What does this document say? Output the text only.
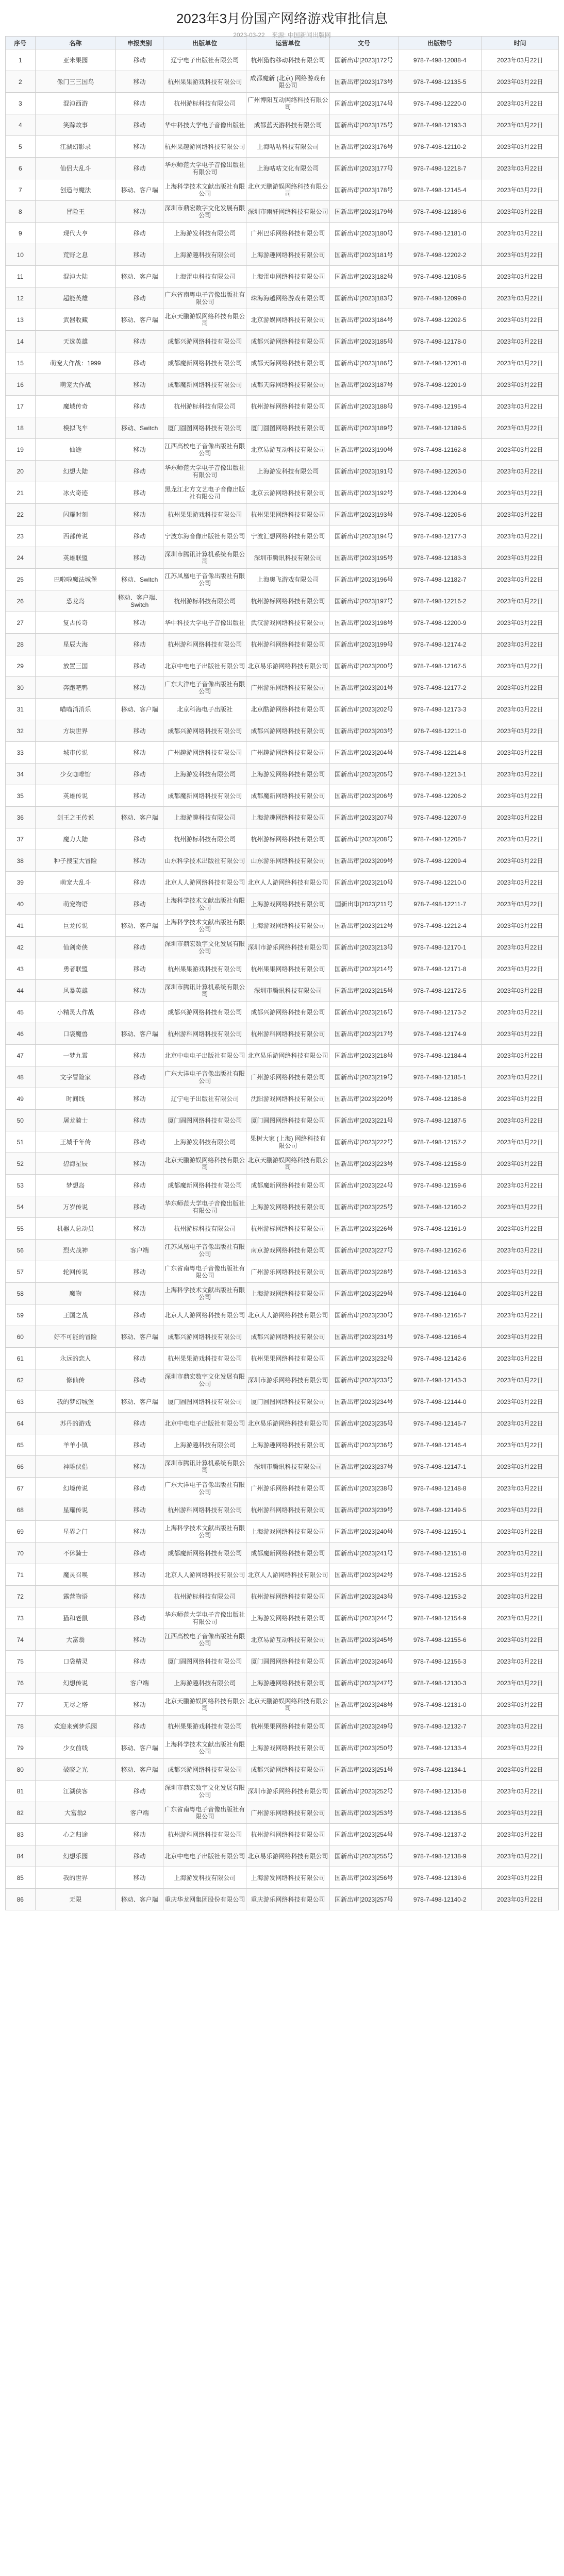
2023年3月份国产网络游戏审批信息
2023-03-22 来源: 中国新闻出版网
序号	名称	申报类别	出版单位	运营单位	文号	出版物号	时间
1	亚米果园	移动	辽宁电子出版社有限公司	杭州猎豹移动科技有限公司	国新出审[2023]172号	978-7-498-12088-4	2023年03月22日
2	像门三三国鸟	移动	杭州果果游戏科技有限公司	成都魔新 (北京) 网络游戏有限公司	国新出审[2023]173号	978-7-498-12135-5	2023年03月22日
3	混沌西游	移动	杭州游标科技有限公司	广州博阳互动网络科技有限公司	国新出审[2023]174号	978-7-498-12220-0	2023年03月22日
4	笑踪故事	移动	华中科技大学电子音像出版社	成都蓝天游科技有限公司	国新出审[2023]175号	978-7-498-12193-3	2023年03月22日
5	江湖幻影录	移动	杭州果趣游网络科技有限公司	上海咕咕科技有限公司	国新出审[2023]176号	978-7-498-12110-2	2023年03月22日
6	仙侣大乱斗	移动	华东师范大学电子音像出版社有限公司	上海咕咕文化有限公司	国新出审[2023]177号	978-7-498-12218-7	2023年03月22日
7	创造与魔法	移动、客户端	上海科学技术文献出版社有限公司	北京天鹏游娱网络科技有限公司	国新出审[2023]178号	978-7-498-12145-4	2023年03月22日
8	冒险王	移动	深圳市鼎宏数字文化发展有限公司	深圳市雨轩网络科技有限公司	国新出审[2023]179号	978-7-498-12189-6	2023年03月22日
9	现代大亨	移动	上海游发科技有限公司	广州巴乐网络科技有限公司	国新出审[2023]180号	978-7-498-12181-0	2023年03月22日
10	荒野之息	移动	上海游趣科技有限公司	上海游趣网络科技有限公司	国新出审[2023]181号	978-7-498-12202-2	2023年03月22日
11	混沌大陆	移动、客户端	上海雷电科技有限公司	上海雷电网络科技有限公司	国新出审[2023]182号	978-7-498-12108-5	2023年03月22日
12	超能英雄	移动	广东省南粤电子音像出版社有限公司	珠海海越网络游戏有限公司	国新出审[2023]183号	978-7-498-12099-0	2023年03月22日
13	武器收藏	移动、客户端	北京天鹏游娱网络科技有限公司	北京游娱网络科技有限公司	国新出审[2023]184号	978-7-498-12202-5	2023年03月22日
14	天选英雄	移动	成都兴游网络科技有限公司	成都兴游网络科技有限公司	国新出审[2023]185号	978-7-498-12178-0	2023年03月22日
15	萌宠大作战：1999	移动	成都魔新网络科技有限公司	成都天际网络科技有限公司	国新出审[2023]186号	978-7-498-12201-8	2023年03月22日
16	萌宠大作战	移动	成都魔新网络科技有限公司	成都天际网络科技有限公司	国新出审[2023]187号	978-7-498-12201-9	2023年03月22日
17	魔域传奇	移动	杭州游标科技有限公司	杭州游标网络科技有限公司	国新出审[2023]188号	978-7-498-12195-4	2023年03月22日
18	模拟飞车	移动、Switch	厦门圆图网络科技有限公司	厦门圆图网络科技有限公司	国新出审[2023]189号	978-7-498-12189-5	2023年03月22日
19	仙途	移动	江西高校电子音像出版社有限公司	北京易游互动科技有限公司	国新出审[2023]190号	978-7-498-12162-8	2023年03月22日
20	幻想大陆	移动	华东师范大学电子音像出版社有限公司	上海游发科技有限公司	国新出审[2023]191号	978-7-498-12203-0	2023年03月22日
21	冰火奇迹	移动	黑龙江北方文艺电子音像出版社有限公司	北京云游网络科技有限公司	国新出审[2023]192号	978-7-498-12204-9	2023年03月22日
22	闪耀时刻	移动	杭州果果游戏科技有限公司	杭州果果网络科技有限公司	国新出审[2023]193号	978-7-498-12205-6	2023年03月22日
23	西部传说	移动	宁波东海音像出版社有限公司	宁波汇想网络科技有限公司	国新出审[2023]194号	978-7-498-12177-3	2023年03月22日
24	英雄联盟	移动	深圳市腾讯计算机系统有限公司	深圳市腾讯科技有限公司	国新出审[2023]195号	978-7-498-12183-3	2023年03月22日
25	巴啦啦魔法城堡	移动、Switch	江苏凤凰电子音像出版社有限公司	上海奥飞游戏有限公司	国新出审[2023]196号	978-7-498-12182-7	2023年03月22日
26	恐龙岛	移动、客户端、Switch	杭州游标科技有限公司	杭州游标网络科技有限公司	国新出审[2023]197号	978-7-498-12216-2	2023年03月22日
27	复古传奇	移动	华中科技大学电子音像出版社	武汉游戏网络科技有限公司	国新出审[2023]198号	978-7-498-12200-9	2023年03月22日
28	星辰大海	移动	杭州游科网络科技有限公司	杭州游科网络科技有限公司	国新出审[2023]199号	978-7-498-12174-2	2023年03月22日
29	放置三国	移动	北京中电电子出版社有限公司	北京易乐游网络科技有限公司	国新出审[2023]200号	978-7-498-12167-5	2023年03月22日
30	奔跑吧鸭	移动	广东大洋电子音像出版社有限公司	广州游乐网络科技有限公司	国新出审[2023]201号	978-7-498-12177-2	2023年03月22日
31	喵喵消消乐	移动、客户端	北京科海电子出版社	北京酷游网络科技有限公司	国新出审[2023]202号	978-7-498-12173-3	2023年03月22日
32	方块世界	移动	成都兴游网络科技有限公司	成都兴游网络科技有限公司	国新出审[2023]203号	978-7-498-12211-0	2023年03月22日
33	城市传说	移动	广州趣游网络科技有限公司	广州趣游网络科技有限公司	国新出审[2023]204号	978-7-498-12214-8	2023年03月22日
34	少女咖啡馆	移动	上海游发科技有限公司	上海游发网络科技有限公司	国新出审[2023]205号	978-7-498-12213-1	2023年03月22日
35	英雄传说	移动	成都魔新网络科技有限公司	成都魔新网络科技有限公司	国新出审[2023]206号	978-7-498-12206-2	2023年03月22日
36	剑王之王传说	移动、客户端	上海游趣科技有限公司	上海游趣网络科技有限公司	国新出审[2023]207号	978-7-498-12207-9	2023年03月22日
37	魔力大陆	移动	杭州游标科技有限公司	杭州游标网络科技有限公司	国新出审[2023]208号	978-7-498-12208-7	2023年03月22日
38	种子搜宝大冒险	移动	山东科学技术出版社有限公司	山东游乐网络科技有限公司	国新出审[2023]209号	978-7-498-12209-4	2023年03月22日
39	萌宠大乱斗	移动	北京人人游网络科技有限公司	北京人人游网络科技有限公司	国新出审[2023]210号	978-7-498-12210-0	2023年03月22日
40	萌宠物语	移动	上海科学技术文献出版社有限公司	上海游戏网络科技有限公司	国新出审[2023]211号	978-7-498-12211-7	2023年03月22日
41	巨龙传说	移动、客户端	上海科学技术文献出版社有限公司	上海游戏网络科技有限公司	国新出审[2023]212号	978-7-498-12212-4	2023年03月22日
42	仙剑奇侠	移动	深圳市鼎宏数字文化发展有限公司	深圳市游乐网络科技有限公司	国新出审[2023]213号	978-7-498-12170-1	2023年03月22日
43	勇者联盟	移动	杭州果果游戏科技有限公司	杭州果果网络科技有限公司	国新出审[2023]214号	978-7-498-12171-8	2023年03月22日
44	风暴英雄	移动	深圳市腾讯计算机系统有限公司	深圳市腾讯科技有限公司	国新出审[2023]215号	978-7-498-12172-5	2023年03月22日
45	小精灵大作战	移动	成都兴游网络科技有限公司	成都兴游网络科技有限公司	国新出审[2023]216号	978-7-498-12173-2	2023年03月22日
46	口袋魔兽	移动、客户端	杭州游科网络科技有限公司	杭州游科网络科技有限公司	国新出审[2023]217号	978-7-498-12174-9	2023年03月22日
47	一梦九霄	移动	北京中电电子出版社有限公司	北京易乐游网络科技有限公司	国新出审[2023]218号	978-7-498-12184-4	2023年03月22日
48	文字冒险家	移动	广东大洋电子音像出版社有限公司	广州游乐网络科技有限公司	国新出审[2023]219号	978-7-498-12185-1	2023年03月22日
49	时间线	移动	辽宁电子出版社有限公司	沈阳游戏网络科技有限公司	国新出审[2023]220号	978-7-498-12186-8	2023年03月22日
50	屠龙骑士	移动	厦门圆图网络科技有限公司	厦门圆图网络科技有限公司	国新出审[2023]221号	978-7-498-12187-5	2023年03月22日
51	王城千年传	移动	上海游发科技有限公司	果树大家 (上海) 网络科技有限公司	国新出审[2023]222号	978-7-498-12157-2	2023年03月22日
52	碧海星辰	移动	北京天鹏游娱网络科技有限公司	北京天鹏游娱网络科技有限公司	国新出审[2023]223号	978-7-498-12158-9	2023年03月22日
53	梦想岛	移动	成都魔新网络科技有限公司	成都魔新网络科技有限公司	国新出审[2023]224号	978-7-498-12159-6	2023年03月22日
54	万岁传说	移动	华东师范大学电子音像出版社有限公司	上海游发网络科技有限公司	国新出审[2023]225号	978-7-498-12160-2	2023年03月22日
55	机器人总动员	移动	杭州游标科技有限公司	杭州游标网络科技有限公司	国新出审[2023]226号	978-7-498-12161-9	2023年03月22日
56	烈火战神	客户端	江苏凤凰电子音像出版社有限公司	南京游戏网络科技有限公司	国新出审[2023]227号	978-7-498-12162-6	2023年03月22日
57	轮回传说	移动	广东省南粤电子音像出版社有限公司	广州游乐网络科技有限公司	国新出审[2023]228号	978-7-498-12163-3	2023年03月22日
58	魔物	移动	上海科学技术文献出版社有限公司	上海游戏网络科技有限公司	国新出审[2023]229号	978-7-498-12164-0	2023年03月22日
59	王国之战	移动	北京人人游网络科技有限公司	北京人人游网络科技有限公司	国新出审[2023]230号	978-7-498-12165-7	2023年03月22日
60	好不可能的冒险	移动、客户端	成都兴游网络科技有限公司	成都兴游网络科技有限公司	国新出审[2023]231号	978-7-498-12166-4	2023年03月22日
61	永远的恋人	移动	杭州果果游戏科技有限公司	杭州果果网络科技有限公司	国新出审[2023]232号	978-7-498-12142-6	2023年03月22日
62	修仙传	移动	深圳市鼎宏数字文化发展有限公司	深圳市游乐网络科技有限公司	国新出审[2023]233号	978-7-498-12143-3	2023年03月22日
63	我的梦幻城堡	移动、客户端	厦门圆图网络科技有限公司	厦门圆图网络科技有限公司	国新出审[2023]234号	978-7-498-12144-0	2023年03月22日
64	苏丹的游戏	移动	北京中电电子出版社有限公司	北京易乐游网络科技有限公司	国新出审[2023]235号	978-7-498-12145-7	2023年03月22日
65	羊羊小镇	移动	上海游趣科技有限公司	上海游趣网络科技有限公司	国新出审[2023]236号	978-7-498-12146-4	2023年03月22日
66	神雕侠侣	移动	深圳市腾讯计算机系统有限公司	深圳市腾讯科技有限公司	国新出审[2023]237号	978-7-498-12147-1	2023年03月22日
67	幻境传说	移动	广东大洋电子音像出版社有限公司	广州游乐网络科技有限公司	国新出审[2023]238号	978-7-498-12148-8	2023年03月22日
68	星耀传说	移动	杭州游科网络科技有限公司	杭州游科网络科技有限公司	国新出审[2023]239号	978-7-498-12149-5	2023年03月22日
69	星界之门	移动	上海科学技术文献出版社有限公司	上海游戏网络科技有限公司	国新出审[2023]240号	978-7-498-12150-1	2023年03月22日
70	不休骑士	移动	成都魔新网络科技有限公司	成都魔新网络科技有限公司	国新出审[2023]241号	978-7-498-12151-8	2023年03月22日
71	魔灵召唤	移动	北京人人游网络科技有限公司	北京人人游网络科技有限公司	国新出审[2023]242号	978-7-498-12152-5	2023年03月22日
72	露营物语	移动	杭州游标科技有限公司	杭州游标网络科技有限公司	国新出审[2023]243号	978-7-498-12153-2	2023年03月22日
73	猫和老鼠	移动	华东师范大学电子音像出版社有限公司	上海游发网络科技有限公司	国新出审[2023]244号	978-7-498-12154-9	2023年03月22日
74	大富翁	移动	江西高校电子音像出版社有限公司	北京易游互动科技有限公司	国新出审[2023]245号	978-7-498-12155-6	2023年03月22日
75	口袋精灵	移动	厦门圆图网络科技有限公司	厦门圆图网络科技有限公司	国新出审[2023]246号	978-7-498-12156-3	2023年03月22日
76	幻想传说	客户端	上海游趣科技有限公司	上海游趣网络科技有限公司	国新出审[2023]247号	978-7-498-12130-3	2023年03月22日
77	无尽之塔	移动	北京天鹏游娱网络科技有限公司	北京天鹏游娱网络科技有限公司	国新出审[2023]248号	978-7-498-12131-0	2023年03月22日
78	欢迎来到梦乐园	移动	杭州果果游戏科技有限公司	杭州果果网络科技有限公司	国新出审[2023]249号	978-7-498-12132-7	2023年03月22日
79	少女前线	移动、客户端	上海科学技术文献出版社有限公司	上海游戏网络科技有限公司	国新出审[2023]250号	978-7-498-12133-4	2023年03月22日
80	破晓之光	移动、客户端	成都兴游网络科技有限公司	成都兴游网络科技有限公司	国新出审[2023]251号	978-7-498-12134-1	2023年03月22日
81	江湖侠客	移动	深圳市鼎宏数字文化发展有限公司	深圳市游乐网络科技有限公司	国新出审[2023]252号	978-7-498-12135-8	2023年03月22日
82	大富翁2	客户端	广东省南粤电子音像出版社有限公司	广州游乐网络科技有限公司	国新出审[2023]253号	978-7-498-12136-5	2023年03月22日
83	心之归途	移动	杭州游科网络科技有限公司	杭州游科网络科技有限公司	国新出审[2023]254号	978-7-498-12137-2	2023年03月22日
84	幻想乐园	移动	北京中电电子出版社有限公司	北京易乐游网络科技有限公司	国新出审[2023]255号	978-7-498-12138-9	2023年03月22日
85	我的世界	移动	上海游发科技有限公司	上海游发网络科技有限公司	国新出审[2023]256号	978-7-498-12139-6	2023年03月22日
86	无限	移动、客户端	重庆华龙网集团股份有限公司	重庆游乐网络科技有限公司	国新出审[2023]257号	978-7-498-12140-2	2023年03月22日
